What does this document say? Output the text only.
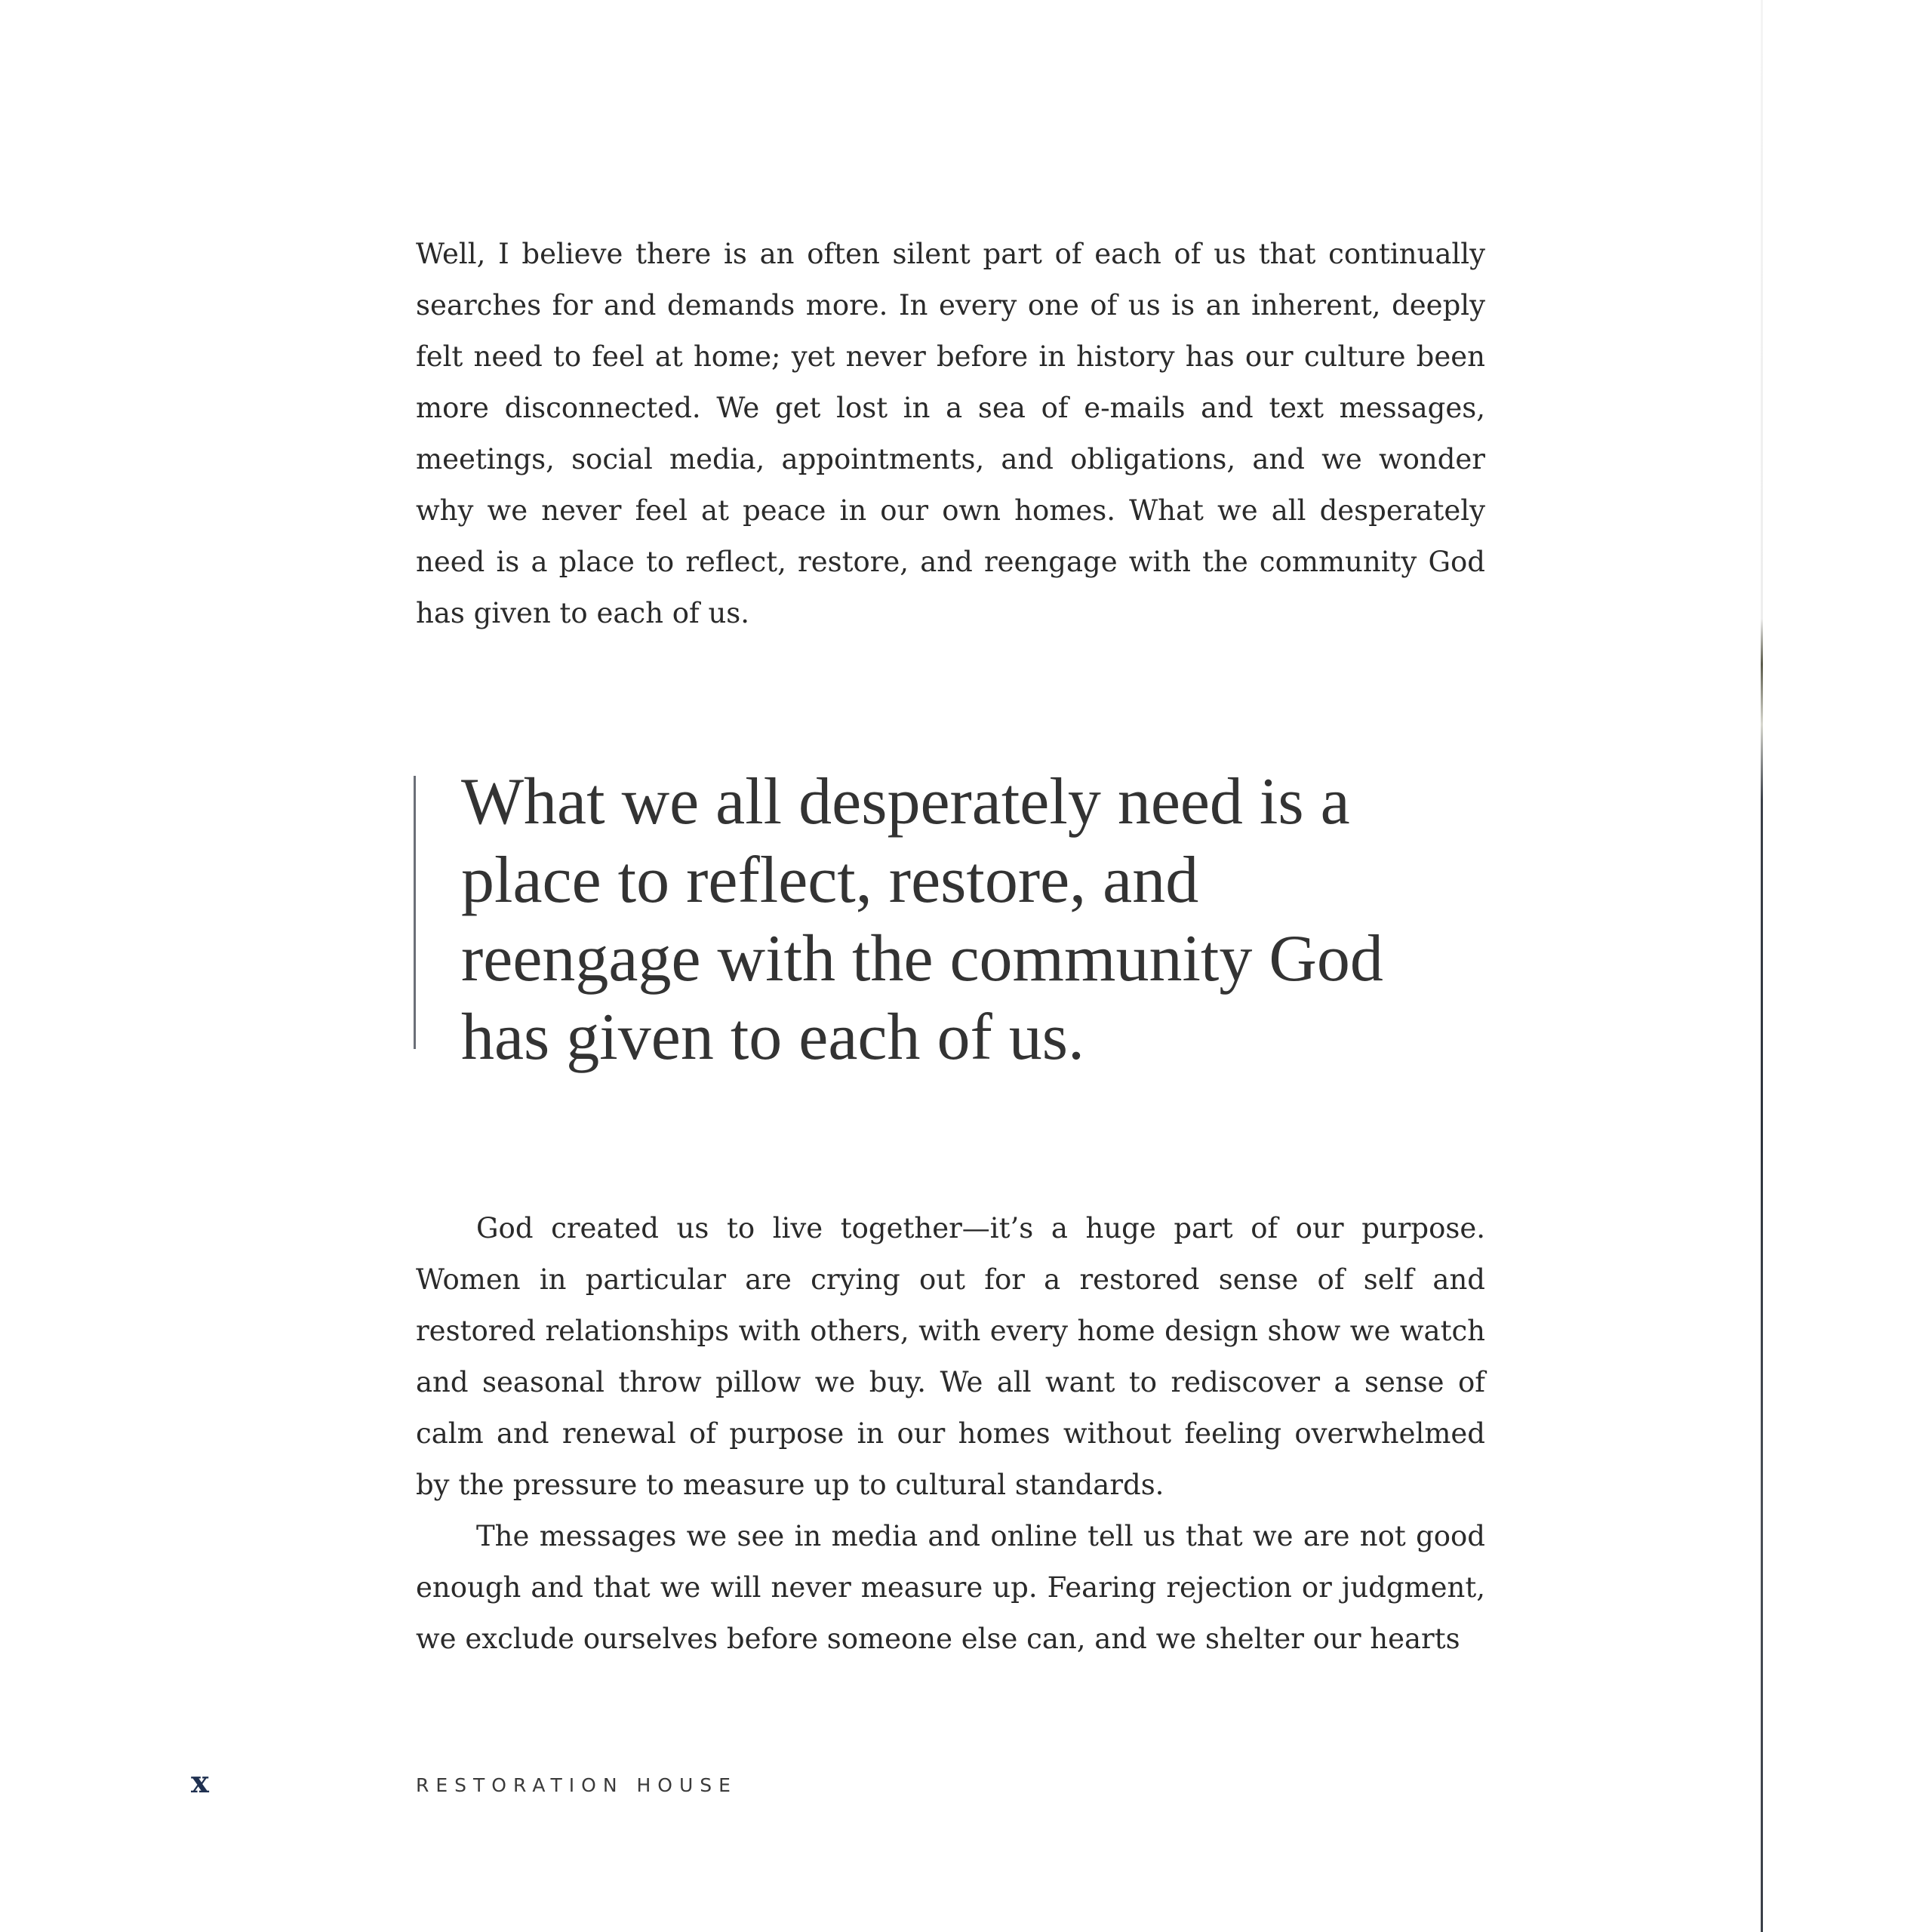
Well, I believe there is an often silent part of each of us that continually searches for and demands more. In every one of us is an inherent, deeply felt need to feel at home; yet never before in history has our culture been more disconnected. We get lost in a sea of e-mails and text messages, meetings, social media, appointments, and obligations, and we wonder why we never feel at peace in our own homes. What we all desperately need is a place to reflect, restore, and reengage with the community God has given to each of us.

What we all desperately need is a place to reflect, restore, and reengage with the community God has given to each of us.

God created us to live together—it’s a huge part of our purpose. Women in particular are crying out for a restored sense of self and restored relationships with others, with every home design show we watch and seasonal throw pillow we buy. We all want to rediscover a sense of calm and renewal of purpose in our homes without feeling overwhelmed by the pressure to measure up to cultural standards.

The messages we see in media and online tell us that we are not good enough and that we will never measure up. Fearing rejection or judgment, we exclude ourselves before someone else can, and we shelter our hearts

x	RESTORATION HOUSE
